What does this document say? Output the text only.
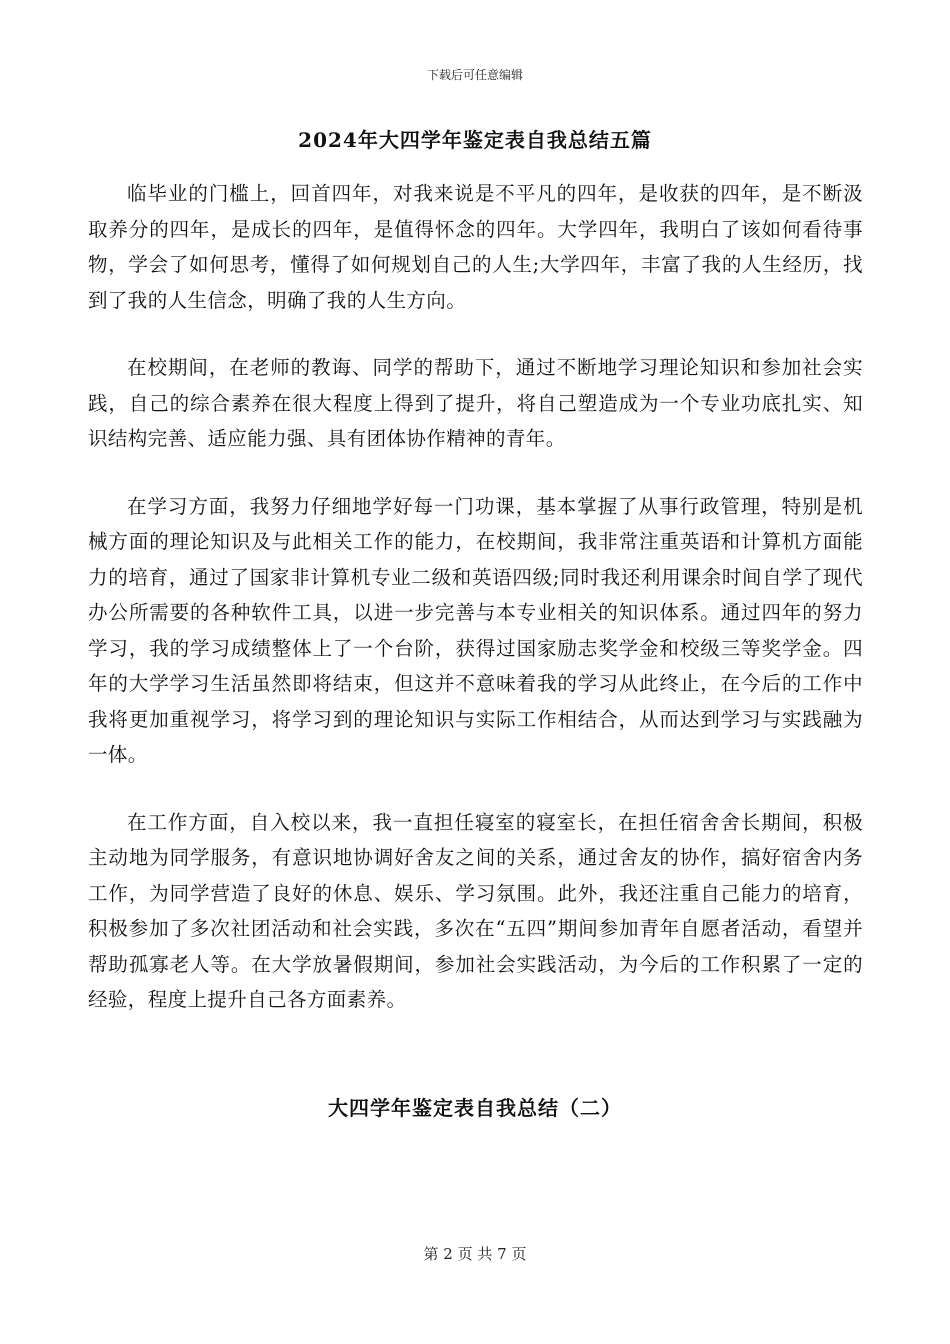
下载后可任意编辑
2024年大四学年鉴定表自我总结五篇

临毕业的门槛上，回首四年，对我来说是不平凡的四年，是收获的四年，是不断汲取养分的四年，是成长的四年，是值得怀念的四年。大学四年，我明白了该如何看待事物，学会了如何思考，懂得了如何规划自己的人生;大学四年，丰富了我的人生经历，找到了我的人生信念，明确了我的人生方向。

在校期间，在老师的教诲、同学的帮助下，通过不断地学习理论知识和参加社会实践，自己的综合素养在很大程度上得到了提升，将自己塑造成为一个专业功底扎实、知识结构完善、适应能力强、具有团体协作精神的青年。

在学习方面，我努力仔细地学好每一门功课，基本掌握了从事行政管理，特别是机械方面的理论知识及与此相关工作的能力，在校期间，我非常注重英语和计算机方面能力的培育，通过了国家非计算机专业二级和英语四级;同时我还利用课余时间自学了现代办公所需要的各种软件工具，以进一步完善与本专业相关的知识体系。通过四年的努力学习，我的学习成绩整体上了一个台阶，获得过国家励志奖学金和校级三等奖学金。四年的大学学习生活虽然即将结束，但这并不意味着我的学习从此终止，在今后的工作中我将更加重视学习，将学习到的理论知识与实际工作相结合，从而达到学习与实践融为一体。

在工作方面，自入校以来，我一直担任寝室的寝室长，在担任宿舍舍长期间，积极主动地为同学服务，有意识地协调好舍友之间的关系，通过舍友的协作，搞好宿舍内务工作，为同学营造了良好的休息、娱乐、学习氛围。此外，我还注重自己能力的培育，积极参加了多次社团活动和社会实践，多次在“五四”期间参加青年自愿者活动，看望并帮助孤寡老人等。在大学放暑假期间，参加社会实践活动，为今后的工作积累了一定的经验，程度上提升自己各方面素养。

大四学年鉴定表自我总结（二）
第 2 页 共 7 页
